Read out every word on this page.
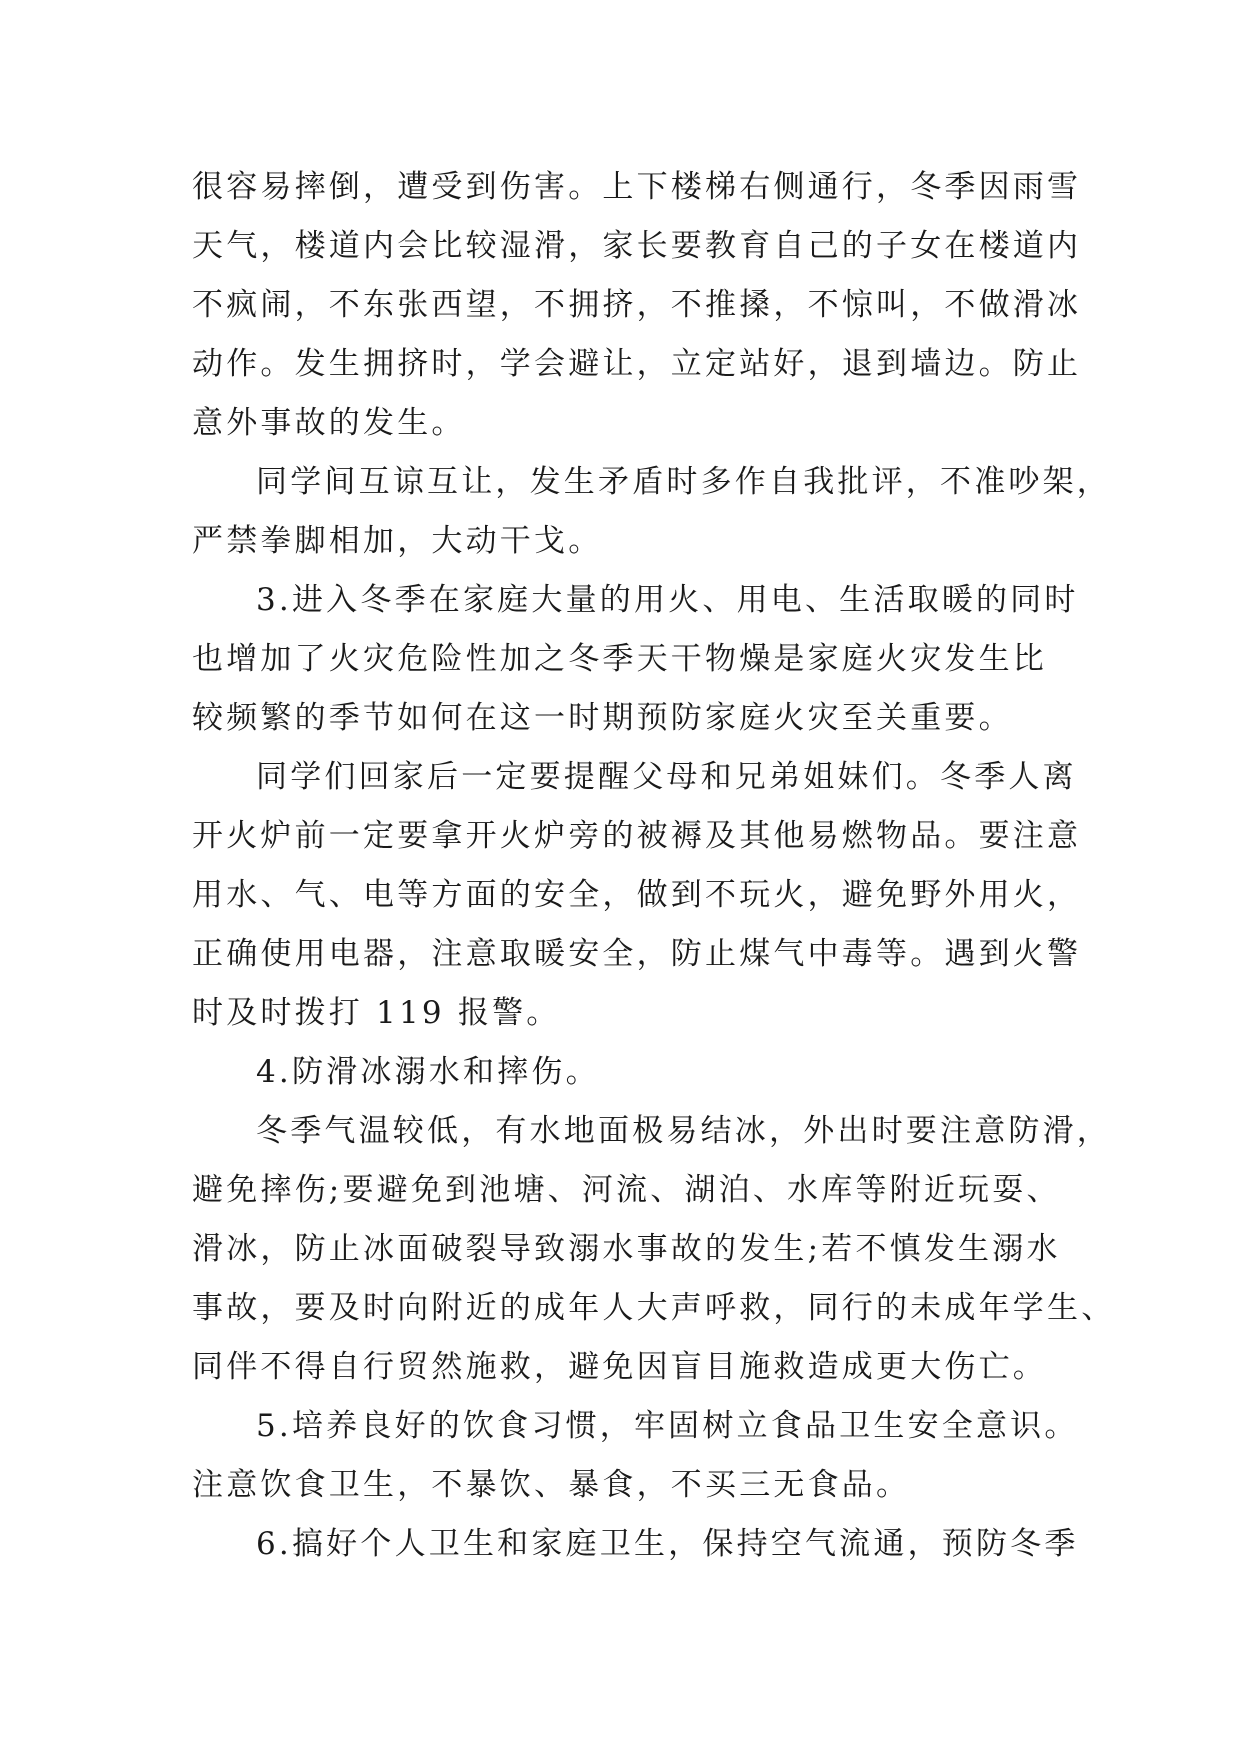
很容易摔倒，遭受到伤害。上下楼梯右侧通行，冬季因雨雪
天气，楼道内会比较湿滑，家长要教育自己的子女在楼道内
不疯闹，不东张西望，不拥挤，不推搡，不惊叫，不做滑冰
动作。发生拥挤时，学会避让，立定站好，退到墙边。防止
意外事故的发生。
同学间互谅互让，发生矛盾时多作自我批评，不准吵架，
严禁拳脚相加，大动干戈。
3.进入冬季在家庭大量的用火、用电、生活取暖的同时
也增加了火灾危险性加之冬季天干物燥是家庭火灾发生比
较频繁的季节如何在这一时期预防家庭火灾至关重要。
同学们回家后一定要提醒父母和兄弟姐妹们。冬季人离
开火炉前一定要拿开火炉旁的被褥及其他易燃物品。要注意
用水、气、电等方面的安全，做到不玩火，避免野外用火，
正确使用电器，注意取暖安全，防止煤气中毒等。遇到火警
时及时拨打 119 报警。
4.防滑冰溺水和摔伤。
冬季气温较低，有水地面极易结冰，外出时要注意防滑，
避免摔伤;要避免到池塘、河流、湖泊、水库等附近玩耍、
滑冰，防止冰面破裂导致溺水事故的发生;若不慎发生溺水
事故，要及时向附近的成年人大声呼救，同行的未成年学生、
同伴不得自行贸然施救，避免因盲目施救造成更大伤亡。
5.培养良好的饮食习惯，牢固树立食品卫生安全意识。
注意饮食卫生，不暴饮、暴食，不买三无食品。
6.搞好个人卫生和家庭卫生，保持空气流通，预防冬季
